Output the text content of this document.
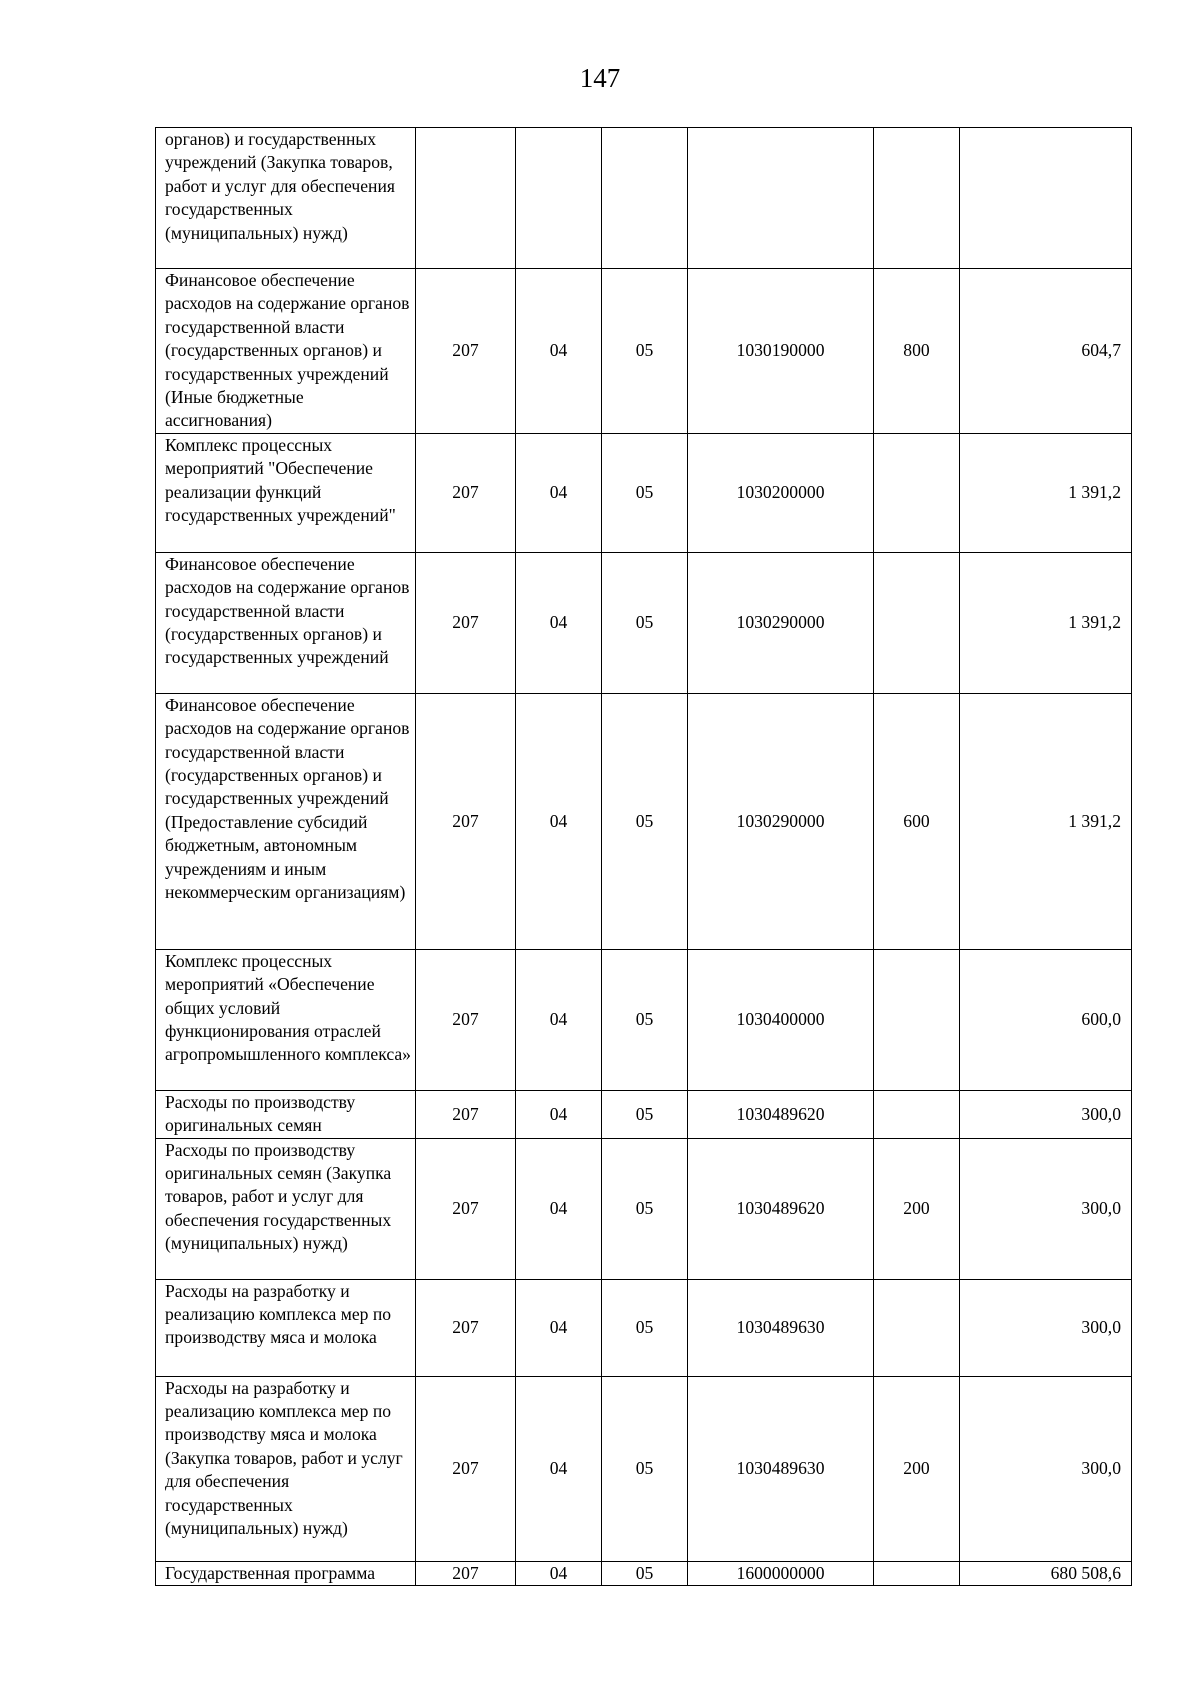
147
органов) и государственных учреждений (Закупка товаров, работ и услуг для обеспечения государственных (муниципальных) нужд)						
Финансовое обеспечение расходов на содержание органов государственной власти (государственных органов) и государственных учреждений (Иные бюджетные ассигнования)	207	04	05	1030190000	800	604,7
Комплекс процессных мероприятий "Обеспечение реализации функций государственных учреждений"	207	04	05	1030200000		1 391,2
Финансовое обеспечение расходов на содержание органов государственной власти (государственных органов) и государственных учреждений	207	04	05	1030290000		1 391,2
Финансовое обеспечение расходов на содержание органов государственной власти (государственных органов) и государственных учреждений (Предоставление субсидий бюджетным, автономным учреждениям и иным некоммерческим организациям)	207	04	05	1030290000	600	1 391,2
Комплекс процессных мероприятий «Обеспечение общих условий функционирования отраслей агропромышленного комплекса»	207	04	05	1030400000		600,0
Расходы по производству оригинальных семян	207	04	05	1030489620		300,0
Расходы по производству оригинальных семян (Закупка товаров, работ и услуг для обеспечения государственных (муниципальных) нужд)	207	04	05	1030489620	200	300,0
Расходы на разработку и реализацию комплекса мер по производству мяса и молока	207	04	05	1030489630		300,0
Расходы на разработку и реализацию комплекса мер по производству мяса и молока (Закупка товаров, работ и услуг для обеспечения государственных (муниципальных) нужд)	207	04	05	1030489630	200	300,0
Государственная программа	207	04	05	1600000000		680 508,6
